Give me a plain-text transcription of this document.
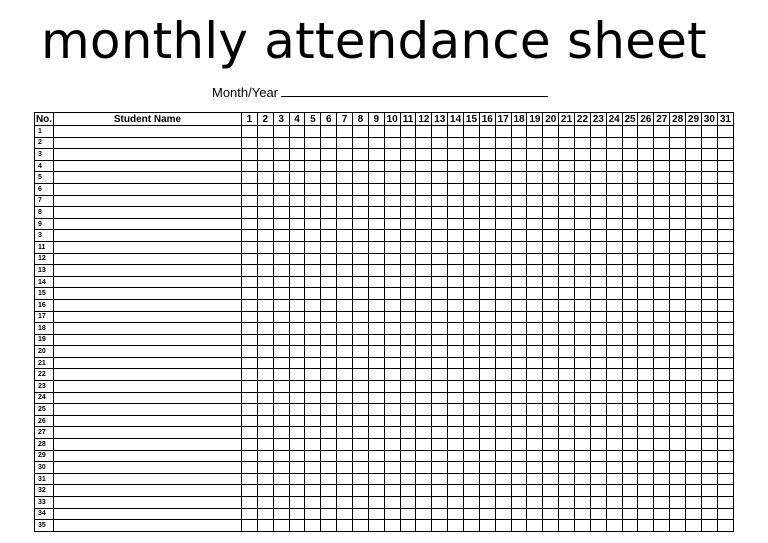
monthly attendance sheet
Month/Year
No.	Student Name	1	2	3	4	5	6	7	8	9	10	11	12	13	14	15	16	17	18	19	20	21	22	23	24	25	26	27	28	29	30	31
1																																
2																																
3																																
4																																
5																																
6																																
7																																
8																																
9																																
3																																
11																																
12																																
13																																
14																																
15																																
16																																
17																																
18																																
19																																
20																																
21																																
22																																
23																																
24																																
25																																
26																																
27																																
28																																
29																																
30																																
31																																
32																																
33																																
34																																
35																																
